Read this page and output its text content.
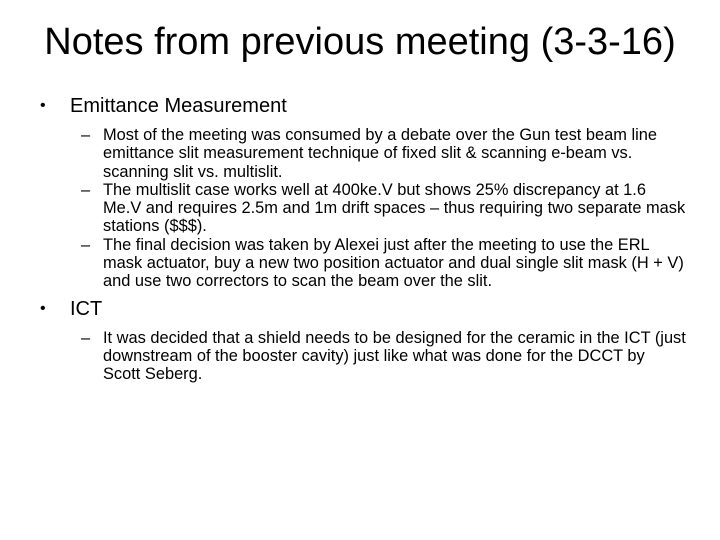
Notes from previous meeting (3-3-16)
• Emittance Measurement
– Most of the meeting was consumed by a debate over the Gun test beam line emittance slit measurement technique of fixed slit & scanning e-beam vs. scanning slit vs. multislit.
– The multislit case works well at 400ke.V but shows 25% discrepancy at 1.6 Me.V and requires 2.5m and 1m drift spaces – thus requiring two separate mask stations ($$$).
– The final decision was taken by Alexei just after the meeting to use the ERL mask actuator, buy a new two position actuator and dual single slit mask (H + V) and use two correctors to scan the beam over the slit.
• ICT
– It was decided that a shield needs to be designed for the ceramic in the ICT (just downstream of the booster cavity) just like what was done for the DCCT by Scott Seberg.
